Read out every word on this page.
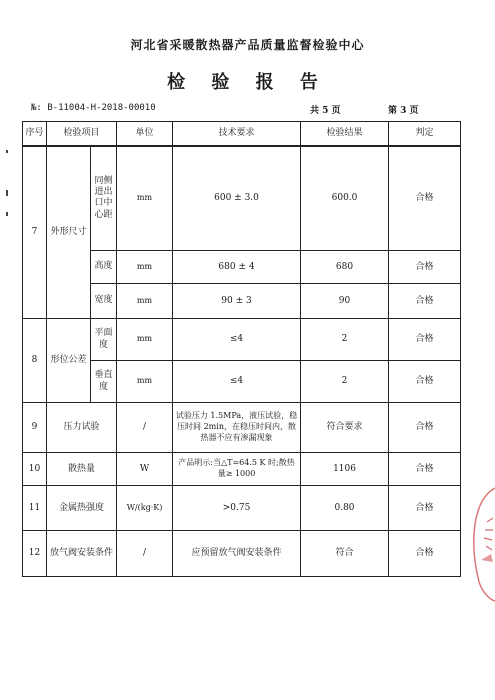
河北省采暖散热器产品质量监督检验中心
检 验 报 告
№: B-11004-H-2018-00010	共 5 页	第 3 页
序号	检验项目		单位	技术要求	检验结果	判定
7	外形尺寸	同侧进出口中心距	mm	600 ± 3.0	600.0	合格
		高度	mm	680 ± 4	680	合格
		宽度	mm	90 ± 3	90	合格
8	形位公差	平面度	mm	≤4	2	合格
		垂直度	mm	≤4	2	合格
9	压力试验		/	试验压力 1.5MPa，液压试验，稳压时间 2min，在稳压时间内，散热器不应有渗漏现象	符合要求	合格
10	散热量		W	产品明示:当△T=64.5 K 时;散热量≥ 1000	1106	合格
11	金属热强度		W/(kg·K)	>0.75	0.80	合格
12	放气阀安装条件		/	应预留放气阀安装条件	符合	合格
